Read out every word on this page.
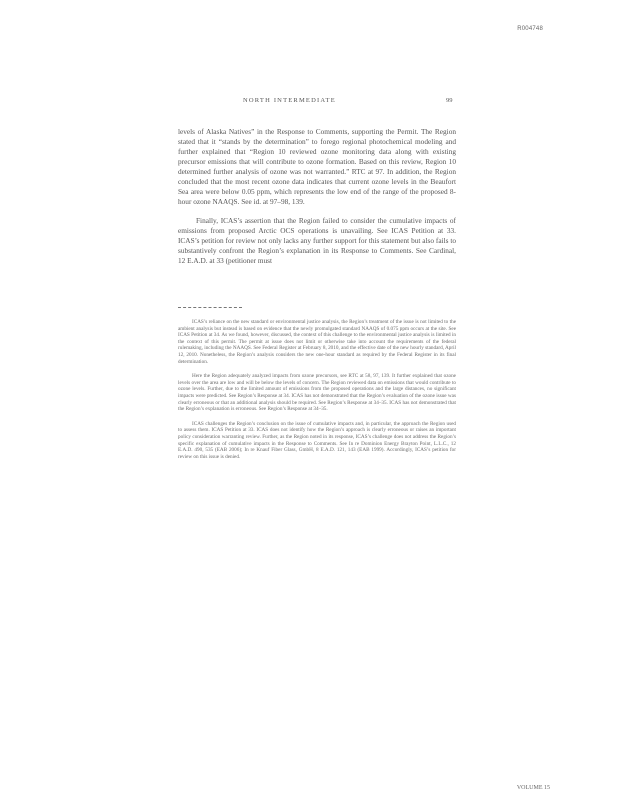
R004748
NORTH INTERMEDIATE	99

levels of Alaska Natives” in the Response to Comments, supporting the Permit. The Region stated that it “stands by the determination” to forego regional photochemical modeling and further explained that “Region 10 reviewed ozone monitoring data along with existing precursor emissions that will contribute to ozone formation. Based on this review, Region 10 determined further analysis of ozone was not warranted.” RTC at 97. In addition, the Region concluded that the most recent ozone data indicates that current ozone levels in the Beaufort Sea area were below 0.05 ppm, which represents the low end of the range of the proposed 8-hour ozone NAAQS. See id. at 97–98, 139.

Finally, ICAS’s assertion that the Region failed to consider the cumulative impacts of emissions from proposed Arctic OCS operations is unavailing. See ICAS Petition at 33. ICAS’s petition for review not only lacks any further support for this statement but also fails to substantively confront the Region’s explanation in its Response to Comments. See Cardinal, 12 E.A.D. at 33 (petitioner must

ICAS’s reliance on the new standard or environmental justice analysis, the Region’s treatment of the issue is not limited to the ambient analysis but instead is based on evidence that the newly promulgated standard NAAQS of 0.075 ppm occurs at the site. See ICAS Petition at 34. As we found, however, discussed, the context of this challenge to the environmental justice analysis is limited in the context of this permit. The permit at issue does not limit or otherwise take into account the requirements of the federal rulemaking, including the NAAQS. See Federal Register at February 8, 2010, and the effective date of the new hourly standard, April 12, 2010. Nonetheless, the Region’s analysis considers the new one-hour standard as required by the Federal Register in its final determination.

Here the Region adequately analyzed impacts from ozone precursors, see RTC at 58, 97, 139. It further explained that ozone levels over the area are low and will be below the levels of concern. The Region reviewed data on emissions that would contribute to ozone levels. Further, due to the limited amount of emissions from the proposed operations and the large distances, no significant impacts were predicted. See Region’s Response at 34. ICAS has not demonstrated that the Region’s evaluation of the ozone issue was clearly erroneous or that an additional analysis should be required. See Region’s Response at 34–35. ICAS has not demonstrated that the Region’s explanation is erroneous. See Region’s Response at 34–35.

ICAS challenges the Region’s conclusion on the issue of cumulative impacts and, in particular, the approach the Region used to assess them. ICAS Petition at 33. ICAS does not identify how the Region’s approach is clearly erroneous or raises an important policy consideration warranting review. Further, as the Region noted in its response, ICAS’s challenge does not address the Region’s specific explanation of cumulative impacts in the Response to Comments. See In re Dominion Energy Brayton Point, L.L.C., 12 E.A.D. 490, 535 (EAB 2006); In re Knauf Fiber Glass, GmbH, 8 E.A.D. 121, 143 (EAB 1999). Accordingly, ICAS’s petition for review on this issue is denied.

VOLUME 15
